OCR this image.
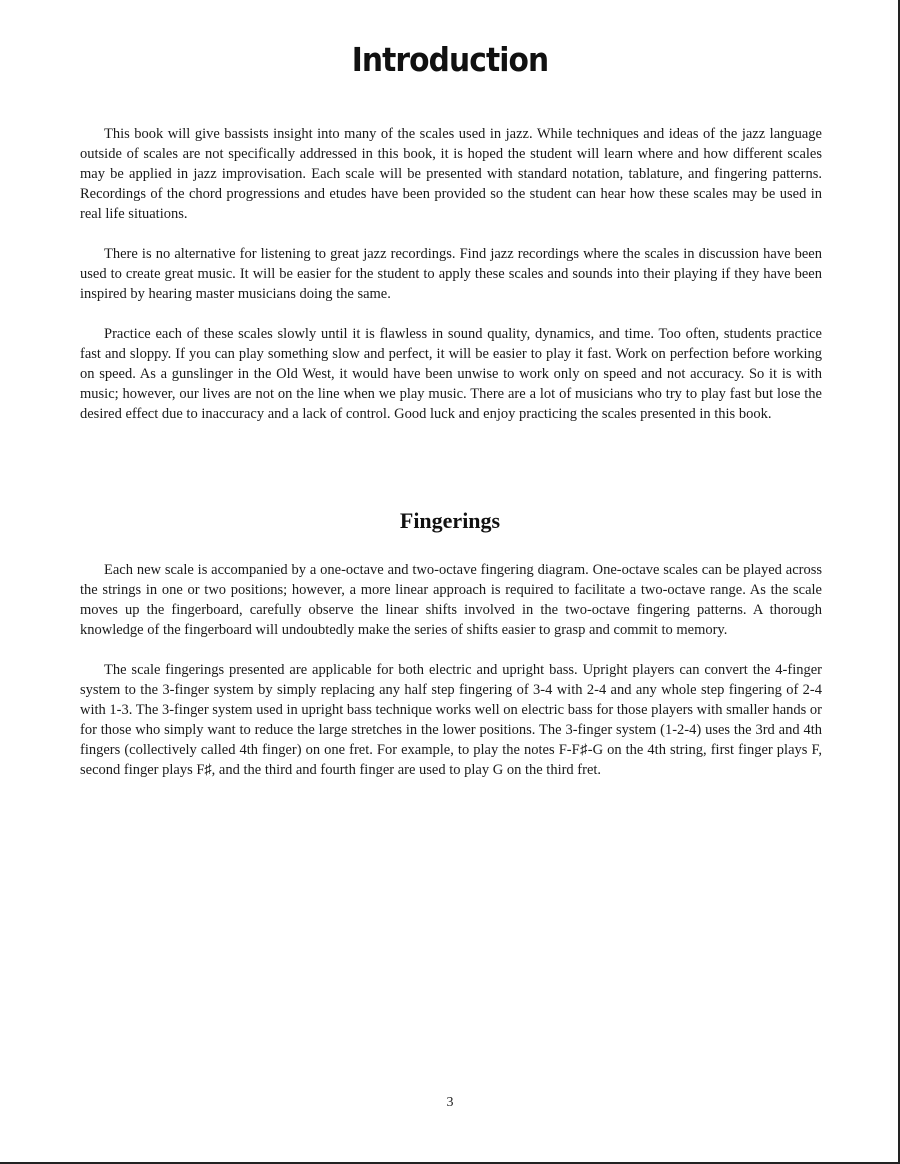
Introduction

This book will give bassists insight into many of the scales used in jazz. While techniques and ideas of the jazz language outside of scales are not specifically addressed in this book, it is hoped the student will learn where and how different scales may be applied in jazz improvisation. Each scale will be presented with standard notation, tablature, and fingering patterns. Recordings of the chord progressions and etudes have been provided so the student can hear how these scales may be used in real life situations.

There is no alternative for listening to great jazz recordings. Find jazz recordings where the scales in discussion have been used to create great music. It will be easier for the student to apply these scales and sounds into their playing if they have been inspired by hearing master musicians doing the same.

Practice each of these scales slowly until it is flawless in sound quality, dynamics, and time. Too often, students practice fast and sloppy. If you can play something slow and perfect, it will be easier to play it fast. Work on perfection before working on speed. As a gunslinger in the Old West, it would have been unwise to work only on speed and not accuracy. So it is with music; however, our lives are not on the line when we play music. There are a lot of musicians who try to play fast but lose the desired effect due to inaccuracy and a lack of control. Good luck and enjoy practicing the scales presented in this book.

Fingerings

Each new scale is accompanied by a one-octave and two-octave fingering diagram. One-octave scales can be played across the strings in one or two positions; however, a more linear approach is required to facilitate a two-octave range. As the scale moves up the fingerboard, carefully observe the linear shifts involved in the two-octave fingering patterns. A thorough knowledge of the fingerboard will undoubtedly make the series of shifts easier to grasp and commit to memory.

The scale fingerings presented are applicable for both electric and upright bass. Upright players can convert the 4-finger system to the 3-finger system by simply replacing any half step fingering of 3-4 with 2-4 and any whole step fingering of 2-4 with 1-3. The 3-finger system used in upright bass technique works well on electric bass for those players with smaller hands or for those who simply want to reduce the large stretches in the lower positions. The 3-finger system (1-2-4) uses the 3rd and 4th fingers (collectively called 4th finger) on one fret. For example, to play the notes F-F♯-G on the 4th string, first finger plays F, second finger plays F♯, and the third and fourth finger are used to play G on the third fret.

3
